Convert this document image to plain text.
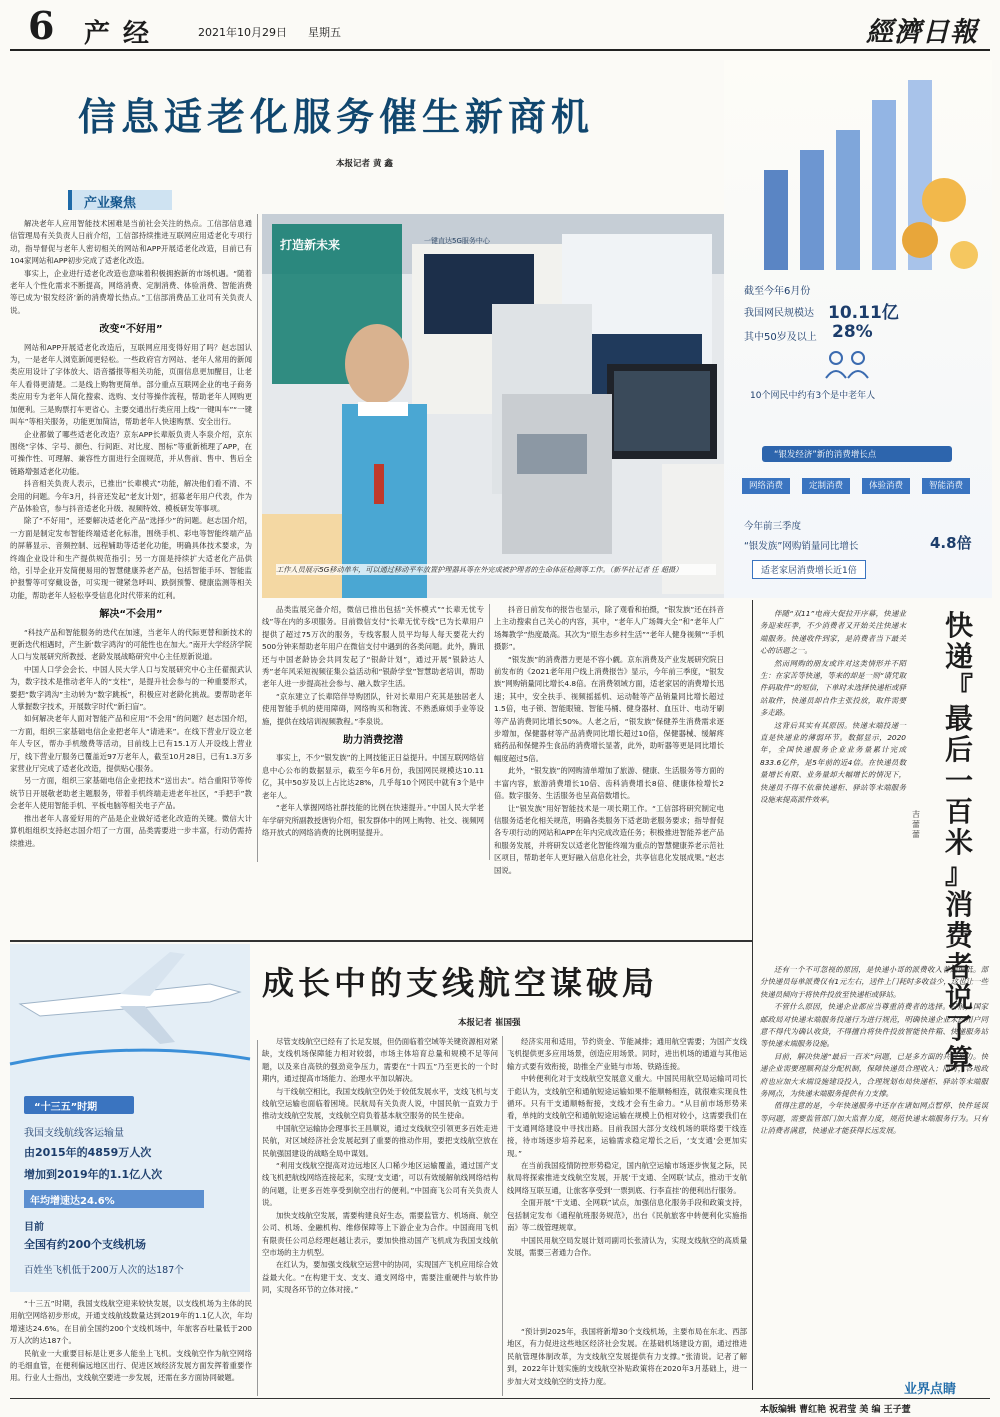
6 产 经	2021年10月29日 星期五	經濟日報
信息适老化服务催生新商机
本报记者 黄 鑫
产业聚焦

解决老年人应用智能技术困难是当前社会关注的热点。工信部信息通信管理局有关负责人日前介绍，工信部持续推进互联网应用适老化专项行动，指导督促与老年人密切相关的网站和APP开展适老化改造，目前已有104家网站和APP初步完成了适老化改造。

事实上，企业进行适老化改造也意味着积极拥抱新的市场机遇。“随着老年人个性化需求不断提高，网络消费、定制消费、体验消费、智能消费等已成为‘银发经济’新的消费增长热点。”工信部消费品工业司有关负责人说。

改变“不好用”

网站和APP开展适老化改造后，互联网应用变得好用了吗？赵志国认为，一是老年人浏览新闻更轻松。一些政府官方网站、老年人常用的新闻类应用设计了字体放大、语音播报等相关功能，页面信息更加醒目，让老年人看得更清楚。二是线上购物更简单。部分重点互联网企业的电子商务类应用专为老年人简化搜索、选购、支付等操作流程，帮助老年人网购更加便利。三是购票打车更省心。主要交通出行类应用上线“一键叫车”“一键叫车”等相关服务，功能更加简洁，帮助老年人快速购票、安全出行。

企业都做了哪些适老化改造？京东APP长辈版负责人李泉介绍，京东围绕“字体、字号、颜色、行间距、对比度、图标”等重新梳理了APP，在可操作性、可理解、兼容性方面进行全面规范，并从售前、售中、售后全链路增强适老化功能。

抖音相关负责人表示，已推出“长辈模式”功能，解决他们看不清、不会用的问题。今年3月，抖音还发起“老友计划”，招募老年用户代表，作为产品体验官，参与抖音适老化升级、视频特效、模板研发等事项。

除了“不好用”，还要解决适老化产品“选择少”的问题。赵志国介绍，一方面是制定发布智能终端适老化标准，围绕手机、彩电等智能终端产品的屏幕显示、音频控制、远程辅助等适老化功能，明确具体技术要求，为终端企业设计和生产提供规范指引；另一方面是持续扩大适老化产品供给，引导企业开发简便易用的智慧健康养老产品，包括智能手环、智能监护报警等可穿戴设备，可实现一键紧急呼叫、跌倒预警、健康监测等相关功能，帮助老年人轻松享受信息化时代带来的红利。

解决“不会用”

“科技产品和智能服务的迭代在加速，当老年人的代际更替和新技术的更新迭代相遇时，产生新‘数字鸿沟’的可能性也在加大。”南开大学经济学院人口与发展研究所教授、老龄发展战略研究中心主任原新说道。

中国人口学会会长、中国人民大学人口与发展研究中心主任翟振武认为，数字技术是推动老年人的“支柱”，是提升社会参与的一种重要形式，要把“数字鸿沟”主动转为“数字跳板”，积极应对老龄化挑战。要帮助老年人掌握数字技术，开展数字时代“新扫盲”。

如何解决老年人面对智能产品和应用“不会用”的问题？赵志国介绍，一方面，组织三家基础电信企业把老年人“请进来”。在线下营业厅设立老年人专区，帮办手机缴费等活动，目前线上已有15.1万人开设线上营业厅，线下营业厅服务已覆盖近97万老年人，截至10月28日，已有1.3万多家营业厅完成了适老化改造，提供贴心服务。

另一方面，组织三家基础电信企业把技术“送出去”。结合重阳节等传统节日开展敬老助老主题服务，带着手机终端走进老年社区，“手把手”教会老年人使用智能手机、平板电脑等相关电子产品。

推出老年人喜爱好用的产品是企业做好适老化改造的关键。微信大计算机组组织支持赵志国介绍了一方面，品类需要进一步丰富，行动仍需持续推进。

打造新未来	一键直达5G服务中心
工作人员展示5G移动单车，可以通过移动平车放置护理器具等在外完成被护理者的生命体征检测等工作。（新华社记者 任 超摄）
截至今年6月份
我国网民规模达 10.11亿
其中50岁及以上 28%
10个网民中约有3个是中老年人
“银发经济”新的消费增长点
网络消费	定制消费	体验消费	智能消费
今年前三季度
“银发族”网购销量同比增长	4.8倍
适老家居消费增长近1倍

品类监展完备介绍，微信已推出包括“关怀模式”“长辈无忧专线”等在内的多项服务。目前微信支付“长辈无忧专线”已为长辈用户提供了超过75万次的服务，专线客服人员平均每人每天要花大约500分钟来帮助老年用户在微信支付中遇到的各类问题。此外，腾讯还与中国老龄协会共同发起了“银龄计划”，通过开展“银龄达人秀”老年风采短视频征集公益活动和“银龄学堂”智慧助老培训，帮助老年人进一步提高社会参与、融入数字生活。

“京东建立了长辈陪伴导购团队，针对长辈用户充其是独居老人使用智能手机的使用障碍，网络购买和物流、不熟悉麻烦手业等设施，提供在线培训视频教程。”李泉说。

助力消费挖潜

事实上，不少“银发族”的上网技能正日益提升。中国互联网络信息中心公布的数据显示，截至今年6月份，我国网民规模达10.11亿，其中50岁及以上占比达28%，几乎每10个网民中就有3个是中老年人。

“老年人掌握网络社群技能的比例在快速提升。”中国人民大学老年学研究所副教授唐钧介绍，银发群体中的网上购物、社交、视频网络开放式的网络消费的比例明显提升。

抖音日前发布的报告也显示，除了观看和拍摄，“银发族”还在抖音上主动搜索自己关心的内容，其中，“老年人广场舞大全”和“老年人广场舞教学”热度最高。其次为“原生态乡村生活”“老年人健身视频”“手机摄影”。

“银发族”的消费潜力更是不容小觑。京东消费及产业发展研究院日前发布的《2021老年用户线上消费报告》显示，今年前三季度，“银发族”网购销量同比增长4.8倍。在消费领域方面，适老家居的消费增长迅速；其中，安全扶手、视频摇摇机、运动鞋等产品销量同比增长超过1.5倍，电子锁、智能眼镜、智能马桶、健身器材、血压计、电动牙刷等产品消费同比增长50%。人老之后，“银发族”保健养生消费需求逐步增加，保健器材等产品消费同比增长超过10倍，保健器械、缓解疼痛药品和保健养生食品的消费增长显著，此外，助听器等更是同比增长幅度超过5倍。

此外，“银发族”的网购清单增加了旅游、健康、生活服务等方面的丰富内容，旅游消费增长10倍、齿科消费增长8倍、健康体检增长2倍。数字服务、生活服务也呈高倍数增长。

让“银发族”用好智能技术是一项长期工作。“工信部将研究制定电信服务适老化相关规范，明确各类服务下适老助老服务要求；指导督促各专项行动的网站和APP在年内完成改造任务；积极推进智能养老产品和服务发展，并将研发以适老化智能终端为重点的智慧健康养老示范社区项目，帮助老年人更好融入信息化社会，共享信息化发展成果。”赵志国说。

快
递
『
最
后
一
百
米
』
消
费
者
说
了
算
吉蕾蕾

伴随“双11”电商大促拉开序幕，快递业务迎来旺季，不少消费者又开始关注快递末端服务。快递收件到家，是消费者当下最关心的话题之一。

然而网购的朋友或许对这类情形并不陌生：在家苦等快递，等来的却是一则“请凭取件码取件”的短信，下单时未选择快递柜或驿站取件，快递员却自作主张投放，取件需要多走路。

这背后其实有其原因。快递末端投递一直是快递业的薄弱环节。数据显示，2020年，全国快递服务企业业务量累计完成833.6亿件，是5年前的近4倍。在快递员数量增长有限、业务量却大幅增长的情况下，快递员不得不依靠快递柜、驿站等末端服务设施来提高派件效率。

还有一个不可忽视的原因，是快递小哥的派费收入普遍偏低。部分快递员每单派费仅有1元左右，送件上门耗时多收益少，这也让一些快递员倾向于将快件投放至快递柜或驿站。

不管什么原因，快递企业都应当尊重消费者的选择。日前，国家邮政局对快递末端服务投递行为进行规范，明确快递企业未经用户同意不得代为确认收货，不得擅自将快件投放智能快件箱、快递服务站等快递末端服务设施。

目前，解决快递“最后一百米”问题，已是多方面的共同努力。快递企业需要理顺利益分配机制，保障快递员合理收入；同时，各地政府也应加大末端设施建设投入，合理规划布局快递柜、驿站等末端服务网点，为快递末端服务提供有力支撑。

值得注意的是，今年快递服务中还存在诸如网点暂停、快件延误等问题，需要监管部门加大监督力度，规范快递末端服务行为。只有让消费者满意，快递业才能获得长远发展。

业界点睛
成长中的支线航空谋破局
本报记者 崔国强
“十三五”时期
我国支线航线客运输量
由2015年的4859万人次
增加到2019年的1.1亿人次
年均增速达24.6%
目前
全国有约200个支线机场
百姓坐飞机低于200万人次的达187个

“十三五”时期，我国支线航空迎来较快发展，以支线机场为主体的民用航空网络初步形成，开通支线航线数量达到2019年的1.1亿人次，年均增速达24.6%。在目前全国约200个支线机场中，年旅客吞吐量低于200万人次的达187个。

民航业一大重要目标是让更多人能坐上飞机。支线航空作为航空网络的毛细血管，在便利偏远地区出行、促进区域经济发展方面发挥着重要作用。行业人士指出，支线航空要进一步发展，还需在多方面协同破题。

尽管支线航空已经有了长足发展，但仍面临着空域等关键资源相对紧缺，支线机场保障能力相对较弱，市场主体培育总量和规模不足等问题，以及来自高铁的强劲竞争压力，需要在“十四五”乃至更长的一个时期内，通过提高市场能力、治理水平加以解决。

与干线航空相比，我国支线航空仍处于较低发展水平，支线飞机与支线航空运输也面临着困境。民航局有关负责人说，中国民航一直致力于推动支线航空发展，支线航空肩负着基本航空服务的民生使命。

中国航空运输协会理事长王昌顺说，通过支线航空引领更多百姓走进民航，对区域经济社会发展起到了重要的推动作用，要把支线航空放在民航强国建设的战略全局中谋划。

“利用支线航空提高对边远地区人口稀少地区运输覆盖，通过国产支线飞机把航线网络连接起来，实现‘支支通’，可以有效缓解航线网络结构的问题，让更多百姓享受到航空出行的便利。”中国商飞公司有关负责人说。

加快支线航空发展，需要构建良好生态，需要监管方、机场商、航空公司、机场、金融机构、维修保障等上下游企业为合作。中国商用飞机有限责任公司总经理赵越让表示，要加快推动国产飞机成为我国支线航空市场的主力机型。

在红认为，要加强支线航空运营中的协同，实现国产飞机应用综合效益最大化。“在构建干支、支支、通支网络中，需要注重硬件与软件协同，实现各环节的立体对接。”

经济实用和适用，节约资金、节能减排；通用航空需要；为国产支线飞机提供更多应用场景，创造应用场景。同时，进出机场的通道与其他运输方式要有效衔接，助推全产业链与市场、铁路连接。

中转便利化对于支线航空发展意义重大。中国民用航空局运输司司长于彪认为，支线航空和通航短途运输如果不能顺畅相连，就很难实现良性循环。只有干支通顺畅衔接，支线才会有生命力。“从目前市场形势来看，单纯的支线航空和通航短途运输在规模上仍相对较小，这需要我们在干支通网络建设中寻找出路。目前我国大部分支线机场的联络要干线连接，待市场逐步培养起来，运输需求稳定增长之后，‘支支通’会更加实现。”

在当前我国疫情防控形势稳定，国内航空运输市场逐步恢复之际，民航局将探索推进支线航空发展，开展‘干支通、全网联’试点，推动干支航线网络互联互通，让旅客享受到‘一票到底、行李直挂’的便利出行服务。

全面开展“干支通、全网联”试点，加强信息化服务手段和政策支持，包括制定发布《通程航班服务规范》，出台《民航旅客中转便利化实施指南》等二级管理规章。

中国民用航空局发展计划司副司长张清认为，实现支线航空的高质量发展，需要三者通力合作。

“预计到2025年，我国将新增30个支线机场，主要布局在东北、西部地区，有力促进这些地区经济社会发展。在基础机场建设方面，通过推进民航管理体制改革，为支线航空发展提供有力支撑。”张清说。记者了解到，2022年计划实施的支线航空补贴政策将在2020年3月基础上，进一步加大对支线航空的支持力度。

本版编辑 曹红艳 祝君莹 美 编 王子萱
